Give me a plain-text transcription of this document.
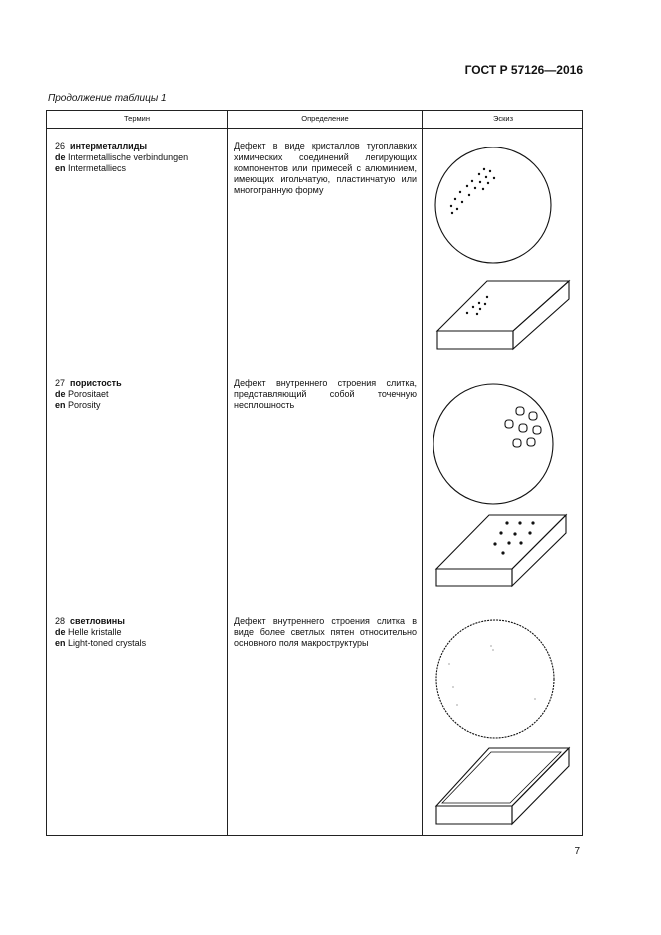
ГОСТ Р 57126—2016
Продолжение таблицы 1
Термин	Определение	Эскиз
26 интерметаллиды
de Intermetallische verbindungen
en Intermetalliecs
Дефект в виде кристаллов тугоплавких химических соединений легирующих компонентов или примесей с алюминием, имеющих игольчатую, пластинчатую или многогранную форму
27 пористость
de Porositaet
en Porosity
Дефект внутреннего строения слитка, представляющий собой точечную несплошность
28 светловины
de Helle kristalle
en Light-toned crystals
Дефект внутреннего строения слитка в виде более светлых пятен относительно основного поля макроструктуры
7
